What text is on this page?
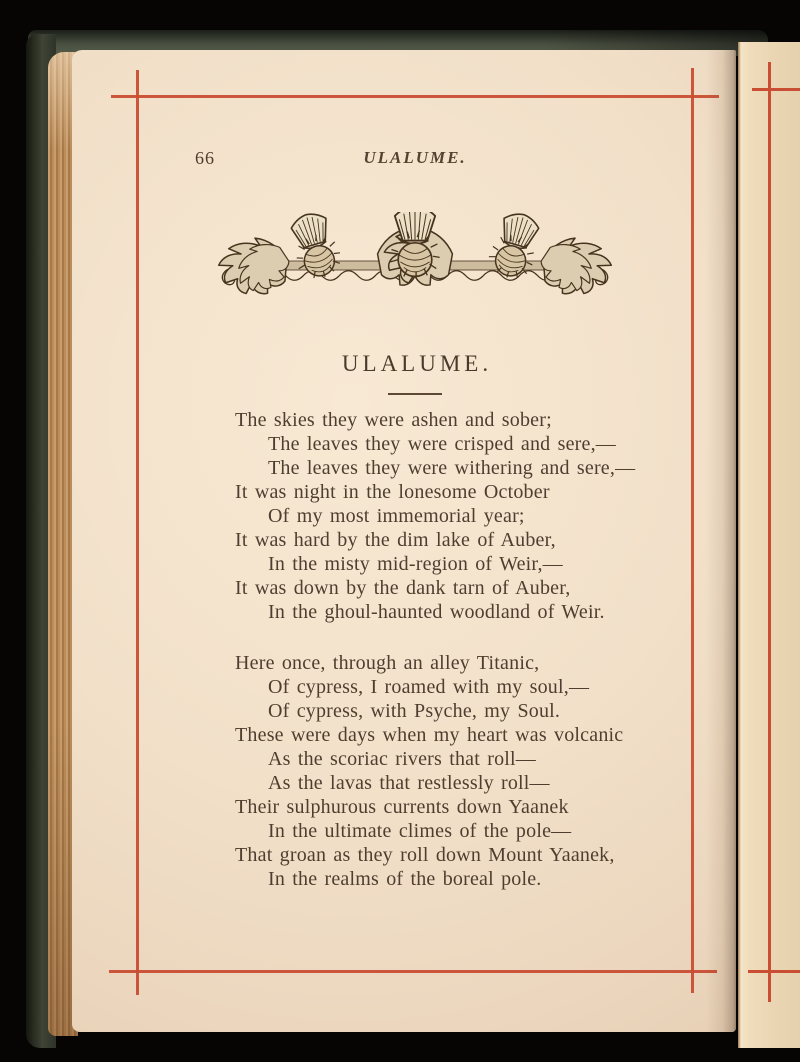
66	ULALUME.
ULALUME.
The skies they were ashen and sober;
The leaves they were crisped and sere,—
The leaves they were withering and sere,—
It was night in the lonesome October
Of my most immemorial year;
It was hard by the dim lake of Auber,
In the misty mid-region of Weir,—
It was down by the dank tarn of Auber,
In the ghoul-haunted woodland of Weir.
Here once, through an alley Titanic,
Of cypress, I roamed with my soul,—
Of cypress, with Psyche, my Soul.
These were days when my heart was volcanic
As the scoriac rivers that roll—
As the lavas that restlessly roll—
Their sulphurous currents down Yaanek
In the ultimate climes of the pole—
That groan as they roll down Mount Yaanek,
In the realms of the boreal pole.
